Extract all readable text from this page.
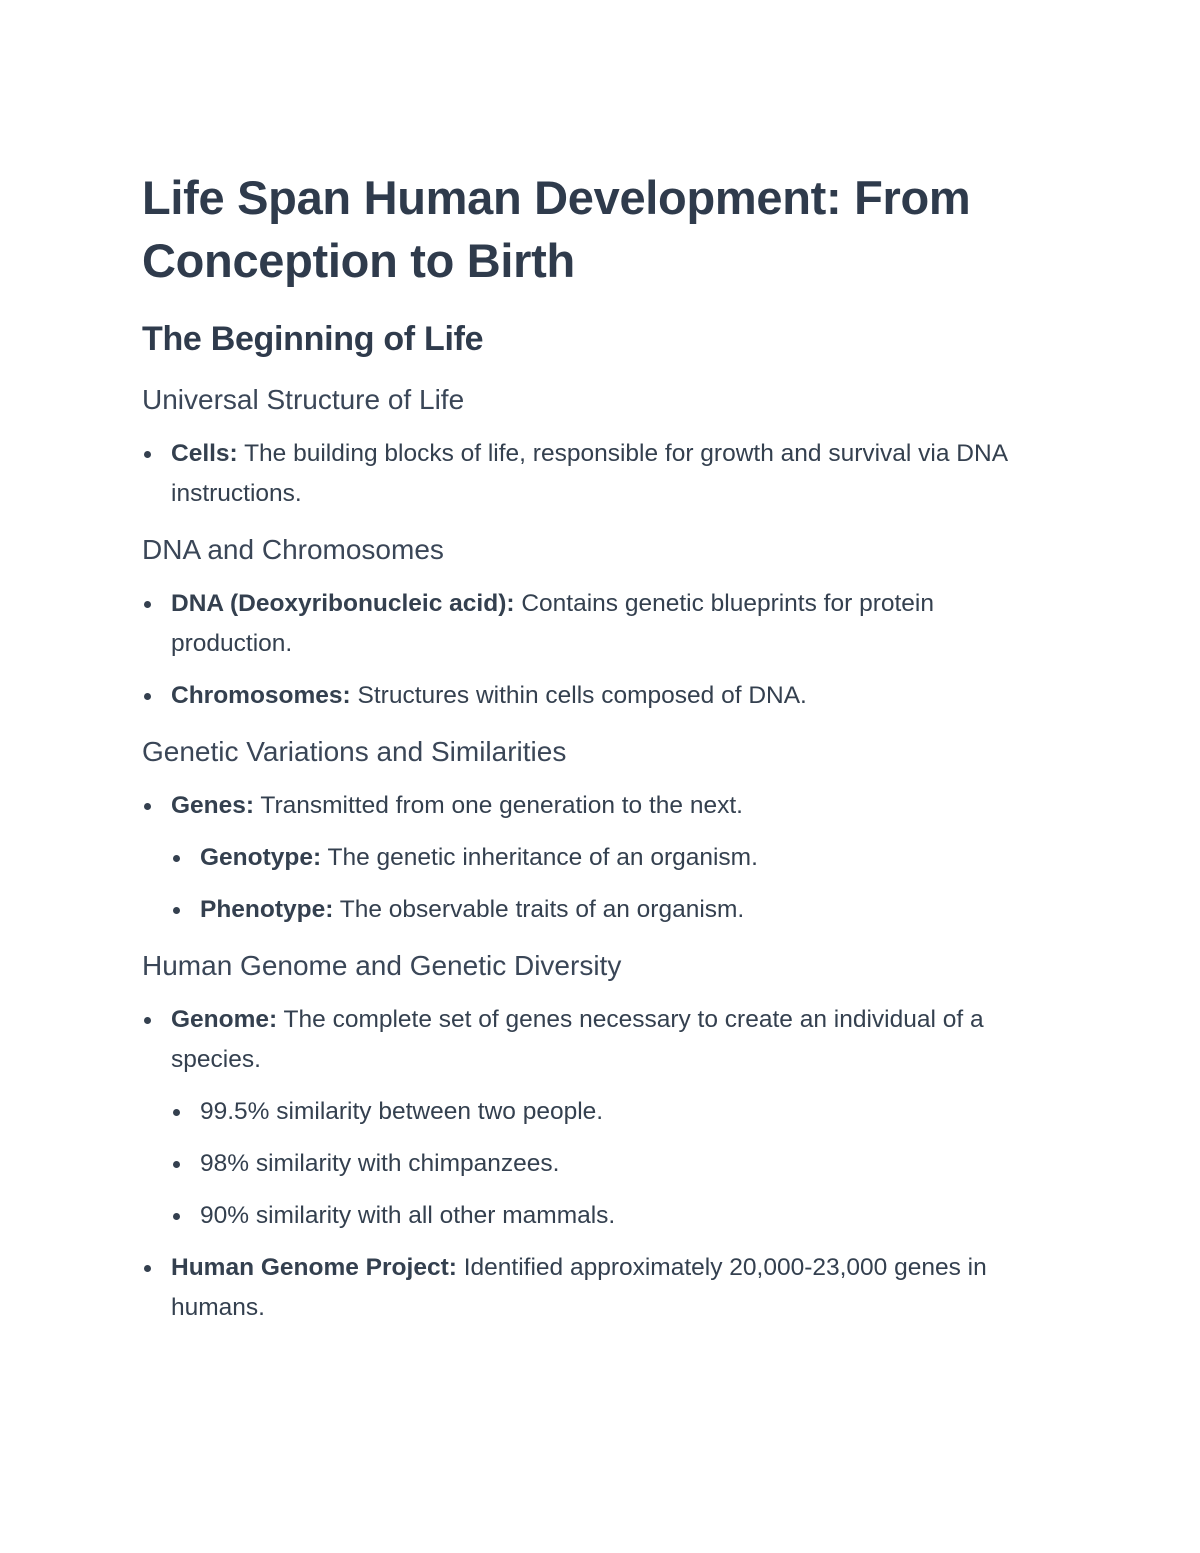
Life Span Human Development: From Conception to Birth
The Beginning of Life
Universal Structure of Life
Cells: The building blocks of life, responsible for growth and survival via DNA instructions.
DNA and Chromosomes
DNA (Deoxyribonucleic acid): Contains genetic blueprints for protein production.
Chromosomes: Structures within cells composed of DNA.
Genetic Variations and Similarities
Genes: Transmitted from one generation to the next.
Genotype: The genetic inheritance of an organism.
Phenotype: The observable traits of an organism.
Human Genome and Genetic Diversity
Genome: The complete set of genes necessary to create an individual of a species.
99.5% similarity between two people.
98% similarity with chimpanzees.
90% similarity with all other mammals.
Human Genome Project: Identified approximately 20,000-23,000 genes in humans.
